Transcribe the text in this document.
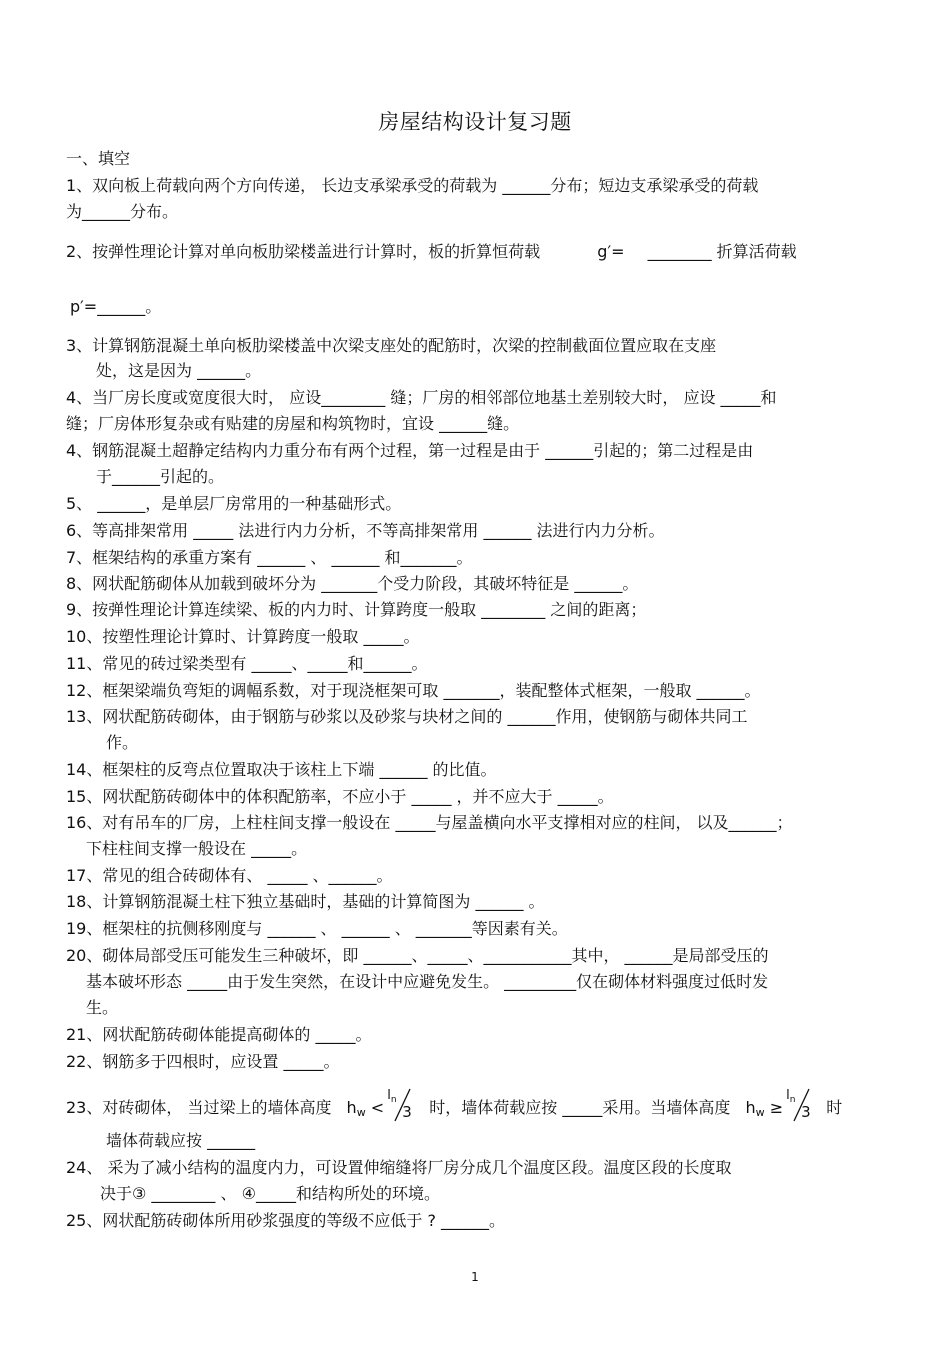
房屋结构设计复习题
一、填空
1、双向板上荷载向两个方向传递， 长边支承梁承受的荷载为 ______分布；短边支承梁承受的荷载
为______分布。
2、按弹性理论计算对单向板肋梁楼盖进行计算时，板的折算恒荷载	g′= ________ 折算活荷载
p′=______。
3、计算钢筋混凝土单向板肋梁楼盖中次梁支座处的配筋时，次梁的控制截面位置应取在支座
处，这是因为 ______。
4、当厂房长度或宽度很大时， 应设________ 缝；厂房的相邻部位地基土差别较大时， 应设 _____和
缝；厂房体形复杂或有贴建的房屋和构筑物时，宜设 ______缝。
4、钢筋混凝土超静定结构内力重分布有两个过程，第一过程是由于 ______引起的；第二过程是由
于______引起的。
5、 ______，是单层厂房常用的一种基础形式。
6、等高排架常用 _____ 法进行内力分析，不等高排架常用 ______ 法进行内力分析。
7、框架结构的承重方案有 ______ 、 ______ 和_______。
8、网状配筋砌体从加载到破坏分为 _______个受力阶段，其破坏特征是 ______。
9、按弹性理论计算连续梁、板的内力时、计算跨度一般取 ________ 之间的距离；
10、按塑性理论计算时、计算跨度一般取 _____。
11、常见的砖过梁类型有 _____、_____和______。
12、框架梁端负弯矩的调幅系数，对于现浇框架可取 _______，装配整体式框架，一般取 ______。
13、网状配筋砖砌体，由于钢筋与砂浆以及砂浆与块材之间的 ______作用，使钢筋与砌体共同工
作。
14、框架柱的反弯点位置取决于该柱上下端 ______ 的比值。
15、网状配筋砖砌体中的体积配筋率，不应小于 _____ ，并不应大于 _____。
16、对有吊车的厂房，上柱柱间支撑一般设在 _____与屋盖横向水平支撑相对应的柱间， 以及______；
下柱柱间支撑一般设在 _____。
17、常见的组合砖砌体有、 _____ 、______。
18、计算钢筋混凝土柱下独立基础时，基础的计算简图为 ______ 。
19、框架柱的抗侧移刚度与 ______ 、 ______ 、 _______等因素有关。
20、砌体局部受压可能发生三种破坏，即 ______、_____、___________其中， ______是局部受压的
基本破坏形态 _____由于发生突然，在设计中应避免发生。 _________仅在砌体材料强度过低时发
生。
21、网状配筋砖砌体能提高砌体的 _____。
22、钢筋多于四根时，应设置 _____。
23、对砖砌体， 当过梁上的墙体高度 $h_w$ <
$l_n$
3 时，墙体荷载应按 _____采用。当墙体高度 $h_w$ ≥
$l_n$
3 时
墙体荷载应按 ______
24、 采为了减小结构的温度内力，可设置伸缩缝将厂房分成几个温度区段。温度区段的长度取
决于③ ________ 、 ④_____和结构所处的环境。
25、网状配筋砖砌体所用砂浆强度的等级不应低于 ? ______。
1
